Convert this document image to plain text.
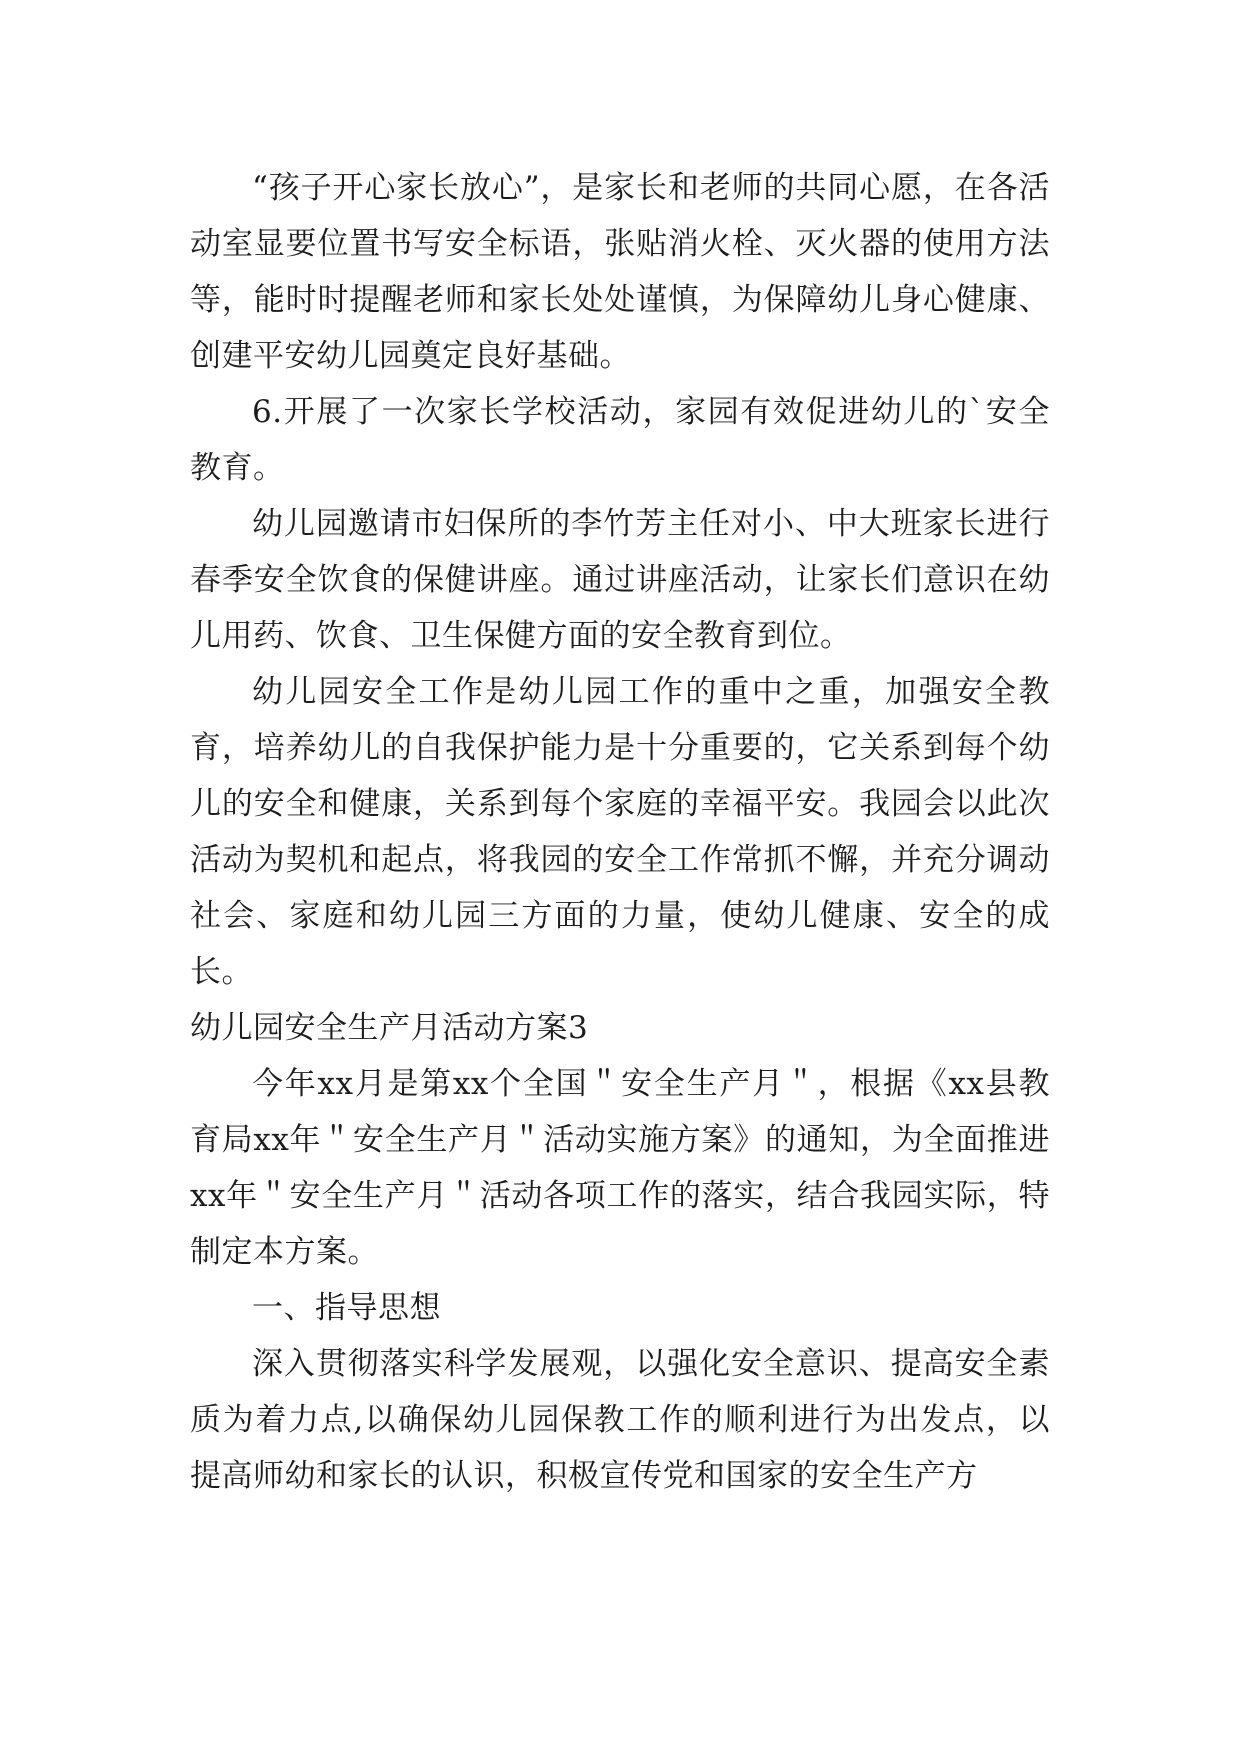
“孩子开心家长放心”，是家长和老师的共同心愿，在各活动室显要位置书写安全标语，张贴消火栓、灭火器的使用方法等，能时时提醒老师和家长处处谨慎，为保障幼儿身心健康、创建平安幼儿园奠定良好基础。

6.开展了一次家长学校活动，家园有效促进幼儿的`安全教育。

幼儿园邀请市妇保所的李竹芳主任对小、中大班家长进行春季安全饮食的保健讲座。通过讲座活动，让家长们意识在幼儿用药、饮食、卫生保健方面的安全教育到位。

幼儿园安全工作是幼儿园工作的重中之重，加强安全教育，培养幼儿的自我保护能力是十分重要的，它关系到每个幼儿的安全和健康，关系到每个家庭的幸福平安。我园会以此次活动为契机和起点，将我园的安全工作常抓不懈，并充分调动社会、家庭和幼儿园三方面的力量，使幼儿健康、安全的成长。

幼儿园安全生产月活动方案3

今年xx月是第xx个全国＂安全生产月＂，根据《xx县教育局xx年＂安全生产月＂活动实施方案》的通知，为全面推进xx年＂安全生产月＂活动各项工作的落实，结合我园实际，特制定本方案。

一、指导思想

深入贯彻落实科学发展观，以强化安全意识、提高安全素质为着力点,以确保幼儿园保教工作的顺利进行为出发点，以提高师幼和家长的认识，积极宣传党和国家的安全生产方
